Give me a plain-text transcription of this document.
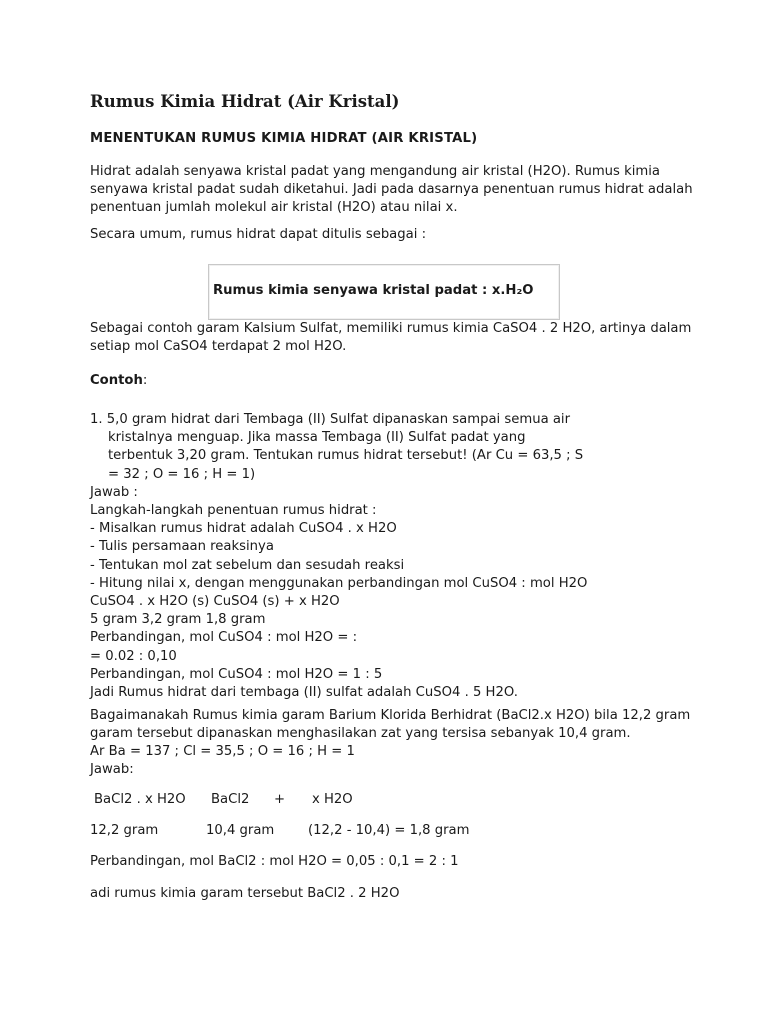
Rumus Kimia Hidrat (Air Kristal)
MENENTUKAN RUMUS KIMIA HIDRAT (AIR KRISTAL)

Hidrat adalah senyawa kristal padat yang mengandung air kristal (H2O). Rumus kimia
senyawa kristal padat sudah diketahui. Jadi pada dasarnya penentuan rumus hidrat adalah
penentuan jumlah molekul air kristal (H2O) atau nilai x.

Secara umum, rumus hidrat dapat ditulis sebagai :

Rumus kimia senyawa kristal padat : x.H₂O

Sebagai contoh garam Kalsium Sulfat, memiliki rumus kimia CaSO4 . 2 H2O, artinya dalam
setiap mol CaSO4 terdapat 2 mol H2O.

Contoh:

1. 5,0 gram hidrat dari Tembaga (II) Sulfat dipanaskan sampai semua air
kristalnya menguap. Jika massa Tembaga (II) Sulfat padat yang
terbentuk 3,20 gram. Tentukan rumus hidrat tersebut! (Ar Cu = 63,5 ; S
= 32 ; O = 16 ; H = 1)
Jawab :
Langkah-langkah penentuan rumus hidrat :
- Misalkan rumus hidrat adalah CuSO4 . x H2O
- Tulis persamaan reaksinya
- Tentukan mol zat sebelum dan sesudah reaksi
- Hitung nilai x, dengan menggunakan perbandingan mol CuSO4 : mol H2O
CuSO4 . x H2O (s) CuSO4 (s) + x H2O
5 gram 3,2 gram 1,8 gram
Perbandingan, mol CuSO4 : mol H2O = :
= 0.02 : 0,10
Perbandingan, mol CuSO4 : mol H2O = 1 : 5
Jadi Rumus hidrat dari tembaga (II) sulfat adalah CuSO4 . 5 H2O.

Bagaimanakah Rumus kimia garam Barium Klorida Berhidrat (BaCl2.x H2O) bila 12,2 gram
garam tersebut dipanaskan menghasilakan zat yang tersisa sebanyak 10,4 gram.
Ar Ba = 137 ; Cl = 35,5 ; O = 16 ; H = 1
Jawab:

BaCl2 . x H2O BaCl2 + x H2O
12,2 gram	10,4 gram	(12,2 - 10,4) = 1,8 gram

Perbandingan, mol BaCl2 : mol H2O = 0,05 : 0,1 = 2 : 1

adi rumus kimia garam tersebut BaCl2 . 2 H2O
